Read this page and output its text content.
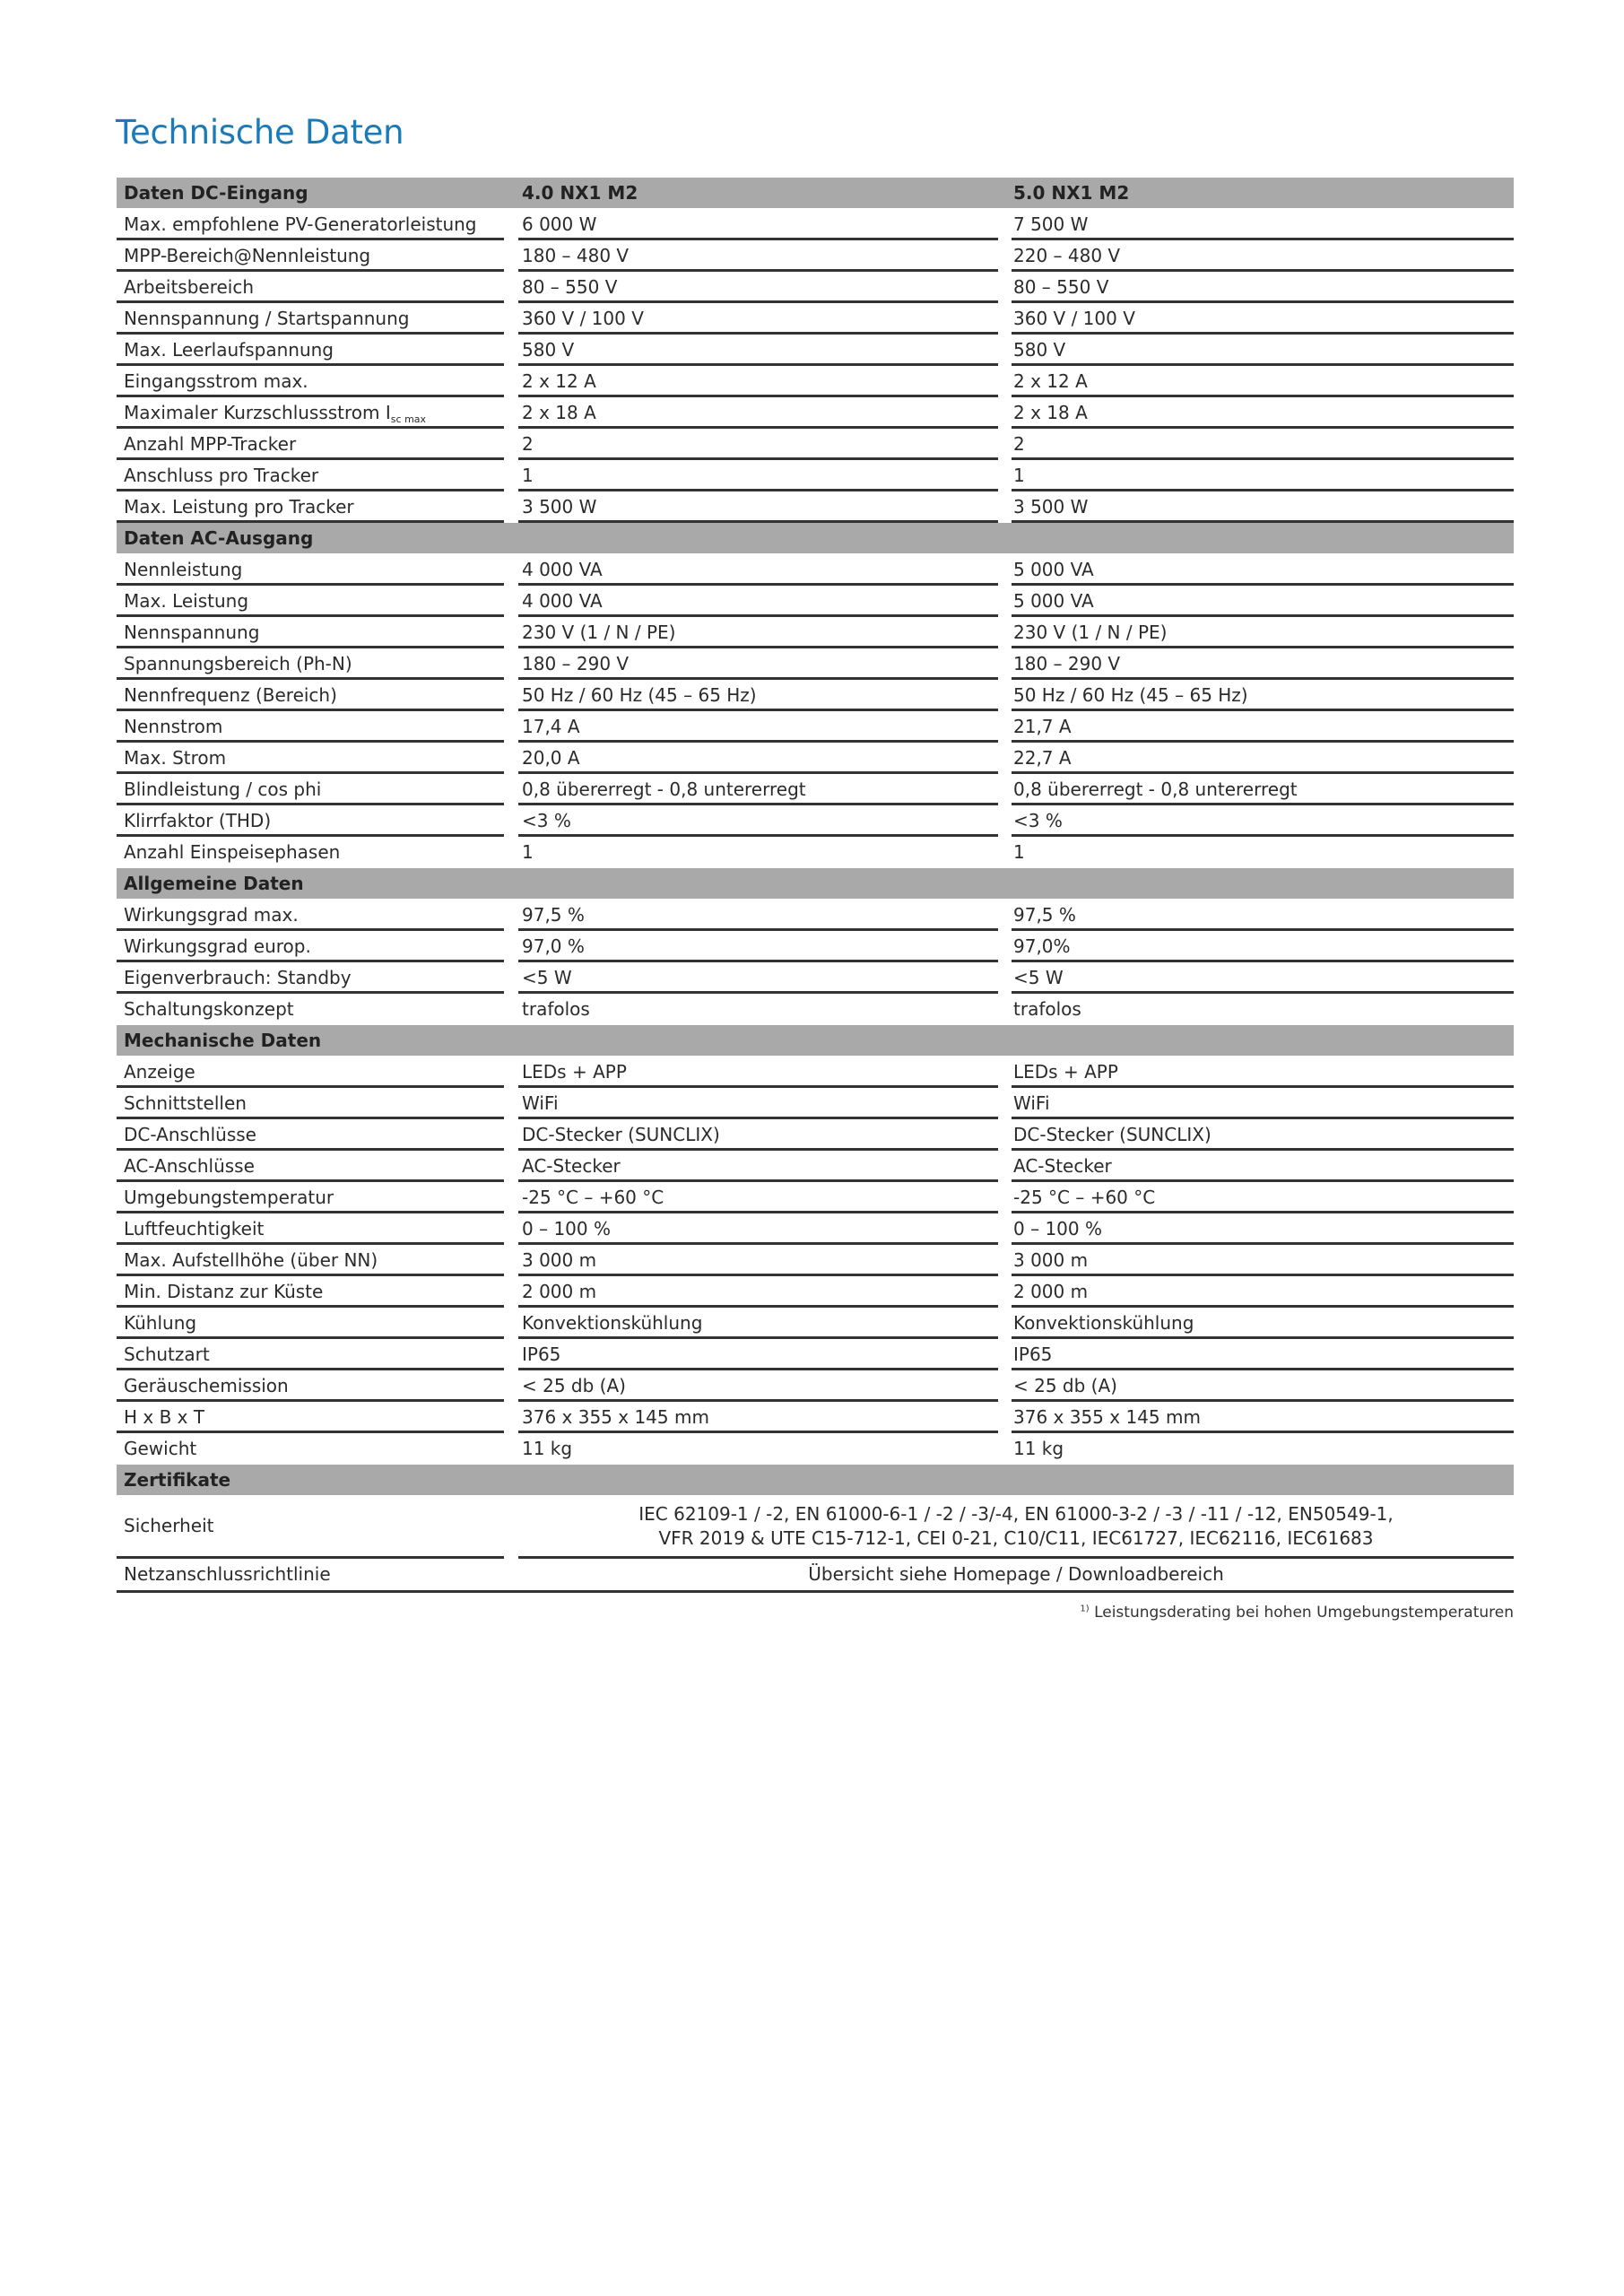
Technische Daten
Daten DC-Eingang	4.0 NX1 M2	5.0 NX1 M2
Max. empfohlene PV-Generatorleistung	6 000 W	7 500 W
MPP-Bereich@Nennleistung	180 – 480 V	220 – 480 V
Arbeitsbereich	80 – 550 V	80 – 550 V
Nennspannung / Startspannung	360 V / 100 V	360 V / 100 V
Max. Leerlaufspannung	580 V	580 V
Eingangsstrom max.	2 x 12 A	2 x 12 A
Maximaler Kurzschlussstrom $I_{sc max}$	2 x 18 A	2 x 18 A
Anzahl MPP-Tracker	2	2
Anschluss pro Tracker	1	1
Max. Leistung pro Tracker	3 500 W	3 500 W
Daten AC-Ausgang
Nennleistung	4 000 VA	5 000 VA
Max. Leistung	4 000 VA	5 000 VA
Nennspannung	230 V (1 / N / PE)	230 V (1 / N / PE)
Spannungsbereich (Ph-N)	180 – 290 V	180 – 290 V
Nennfrequenz (Bereich)	50 Hz / 60 Hz (45 – 65 Hz)	50 Hz / 60 Hz (45 – 65 Hz)
Nennstrom	17,4 A	21,7 A
Max. Strom	20,0 A	22,7 A
Blindleistung / cos phi	0,8 übererregt - 0,8 untererregt	0,8 übererregt - 0,8 untererregt
Klirrfaktor (THD)	<3 %	<3 %
Anzahl Einspeisephasen	1	1
Allgemeine Daten
Wirkungsgrad max.	97,5 %	97,5 %
Wirkungsgrad europ.	97,0 %	97,0%
Eigenverbrauch: Standby	<5 W	<5 W
Schaltungskonzept	trafolos	trafolos
Mechanische Daten
Anzeige	LEDs + APP	LEDs + APP
Schnittstellen	WiFi	WiFi
DC-Anschlüsse	DC-Stecker (SUNCLIX)	DC-Stecker (SUNCLIX)
AC-Anschlüsse	AC-Stecker	AC-Stecker
Umgebungstemperatur	-25 °C – +60 °C	-25 °C – +60 °C
Luftfeuchtigkeit	0 – 100 %	0 – 100 %
Max. Aufstellhöhe (über NN)	3 000 m	3 000 m
Min. Distanz zur Küste	2 000 m	2 000 m
Kühlung	Konvektionskühlung	Konvektionskühlung
Schutzart	IP65	IP65
Geräuschemission	< 25 db (A)	< 25 db (A)
H x B x T	376 x 355 x 145 mm	376 x 355 x 145 mm
Gewicht	11 kg	11 kg
Zertifikate
Sicherheit
IEC 62109-1 / -2, EN 61000-6-1 / -2 / -3/-4, EN 61000-3-2 / -3 / -11 / -12, EN50549-1,
VFR 2019 & UTE C15-712-1, CEI 0-21, C10/C11, IEC61727, IEC62116, IEC61683
Netzanschlussrichtlinie	Übersicht siehe Homepage / Downloadbereich
$^{1)}$ Leistungsderating bei hohen Umgebungstemperaturen
